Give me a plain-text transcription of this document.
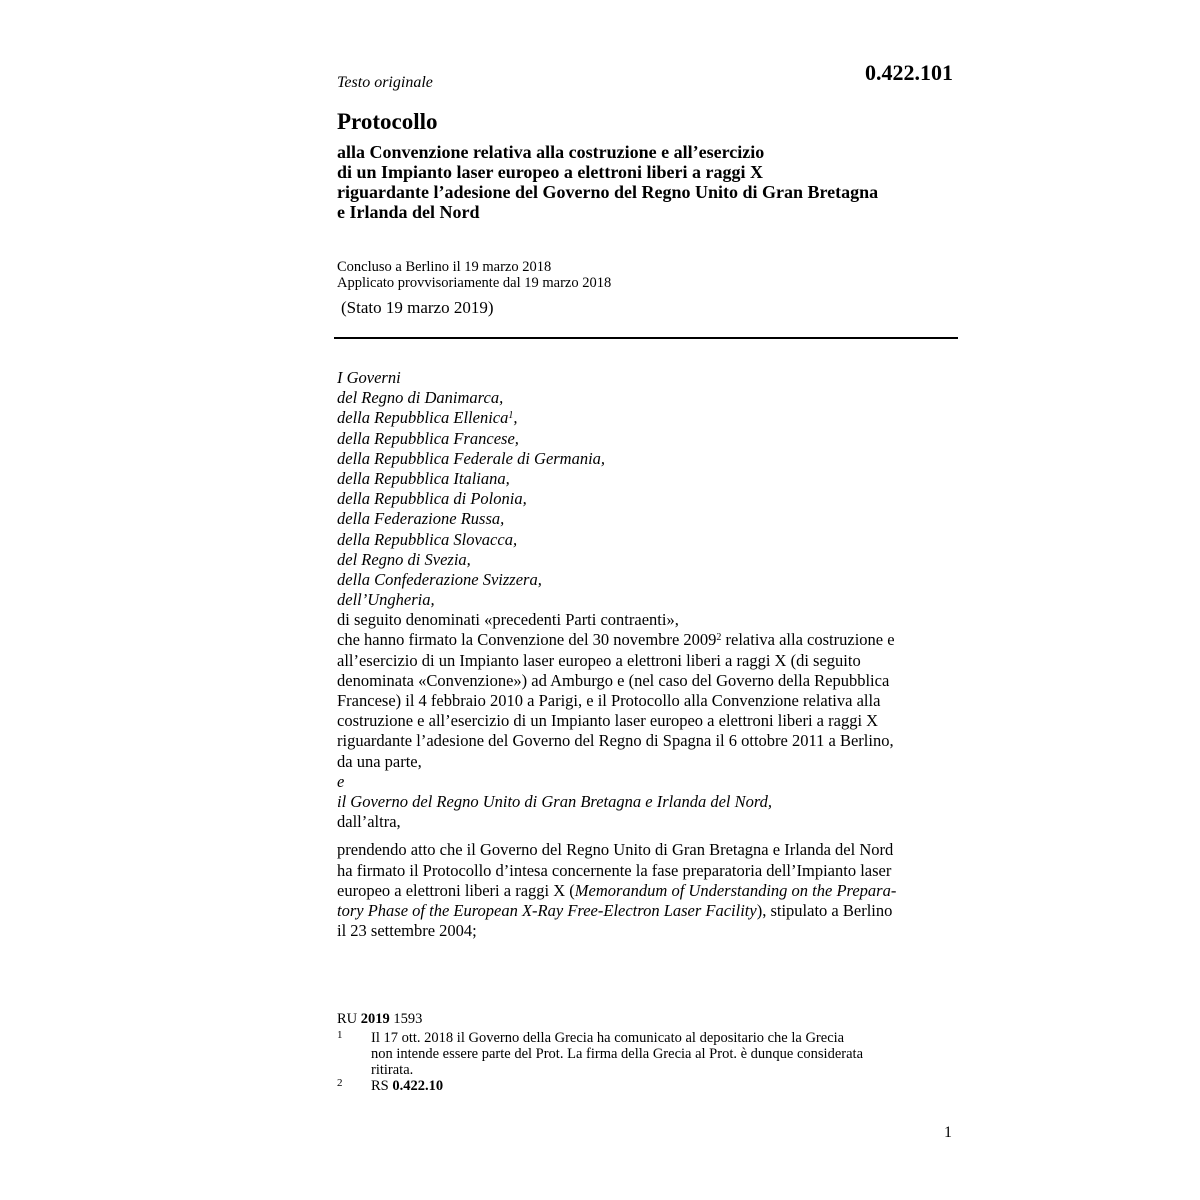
Testo originale	0.422.101
Protocollo
alla Convenzione relativa alla costruzione e all’esercizio
di un Impianto laser europeo a elettroni liberi a raggi X
riguardante l’adesione del Governo del Regno Unito di Gran Bretagna
e Irlanda del Nord
Concluso a Berlino il 19 marzo 2018
Applicato provvisoriamente dal 19 marzo 2018
(Stato 19 marzo 2019)
I Governi
del Regno di Danimarca,
della Repubblica Ellenica$^1$,
della Repubblica Francese,
della Repubblica Federale di Germania,
della Repubblica Italiana,
della Repubblica di Polonia,
della Federazione Russa,
della Repubblica Slovacca,
del Regno di Svezia,
della Confederazione Svizzera,
dell’Ungheria,
di seguito denominati «precedenti Parti contraenti»,
che hanno firmato la Convenzione del 30 novembre 2009$^2$ relativa alla costruzione e
all’esercizio di un Impianto laser europeo a elettroni liberi a raggi X (di seguito
denominata «Convenzione») ad Amburgo e (nel caso del Governo della Repubblica
Francese) il 4 febbraio 2010 a Parigi, e il Protocollo alla Convenzione relativa alla
costruzione e all’esercizio di un Impianto laser europeo a elettroni liberi a raggi X
riguardante l’adesione del Governo del Regno di Spagna il 6 ottobre 2011 a Berlino,
da una parte,
e
il Governo del Regno Unito di Gran Bretagna e Irlanda del Nord,
dall’altra,
prendendo atto che il Governo del Regno Unito di Gran Bretagna e Irlanda del Nord
ha firmato il Protocollo d’intesa concernente la fase preparatoria dell’Impianto laser
europeo a elettroni liberi a raggi X (Memorandum of Understanding on the Prepara-
tory Phase of the European X-Ray Free-Electron Laser Facility), stipulato a Berlino
il 23 settembre 2004;
RU 2019 1593
1 Il 17 ott. 2018 il Governo della Grecia ha comunicato al depositario che la Grecia
non intende essere parte del Prot. La firma della Grecia al Prot. è dunque considerata
ritirata.
2 RS 0.422.10
1
